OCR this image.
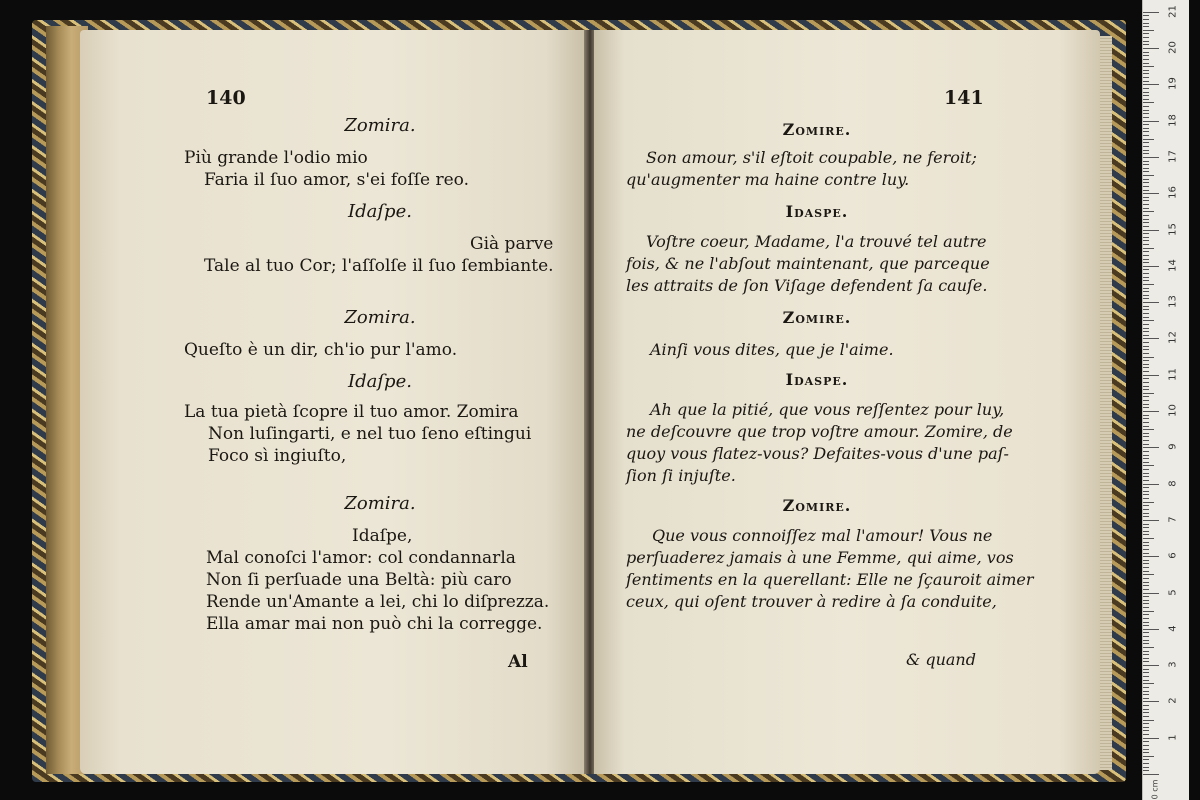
140
Zomira.
Più grande l'odio mio
Faria il ſuo amor, s'ei foſſe reo.
Idaſpe.
Già parve
Tale al tuo Cor; l'aſſolſe il ſuo ſembiante.
Zomira.
Queſto è un dir, ch'io pur l'amo.
Idaſpe.
La tua pietà ſcopre il tuo amor. Zomira
Non luſingarti, e nel tuo ſeno eſtingui
Foco sì ingiuſto,
Zomira.
Idaſpe,
Mal conoſci l'amor: col condannarla
Non ſi perſuade una Beltà: più caro
Rende un'Amante a lei, chi lo diſprezza.
Ella amar mai non può chi la corregge.
Al
141
Zomire.
Son amour, s'il eſtoit coupable, ne feroit;
qu'augmenter ma haine contre luy.
Idaspe.
Voſtre coeur, Madame, l'a trouvé tel autre
fois, & ne l'abſout maintenant, que parceque
les attraits de ſon Viſage defendent ſa cauſe.
Zomire.
Ainſi vous dites, que je l'aime.
Idaspe.
Ah que la pitié, que vous reſſentez pour luy,
ne deſcouvre que trop voſtre amour. Zomire, de
quoy vous flatez-vous? Defaites-vous d'une paſ-
ſion ſi injuſte.
Zomire.
Que vous connoiſſez mal l'amour! Vous ne
perſuaderez jamais à une Femme, qui aime, vos
ſentiments en la querellant: Elle ne ſçauroit aimer
ceux, qui oſent trouver à redire à ſa conduite,
& quand
0 cm
1
2
3
4
5
6
7
8
9
10
11
12
13
14
15
16
17
18
19
20
21
